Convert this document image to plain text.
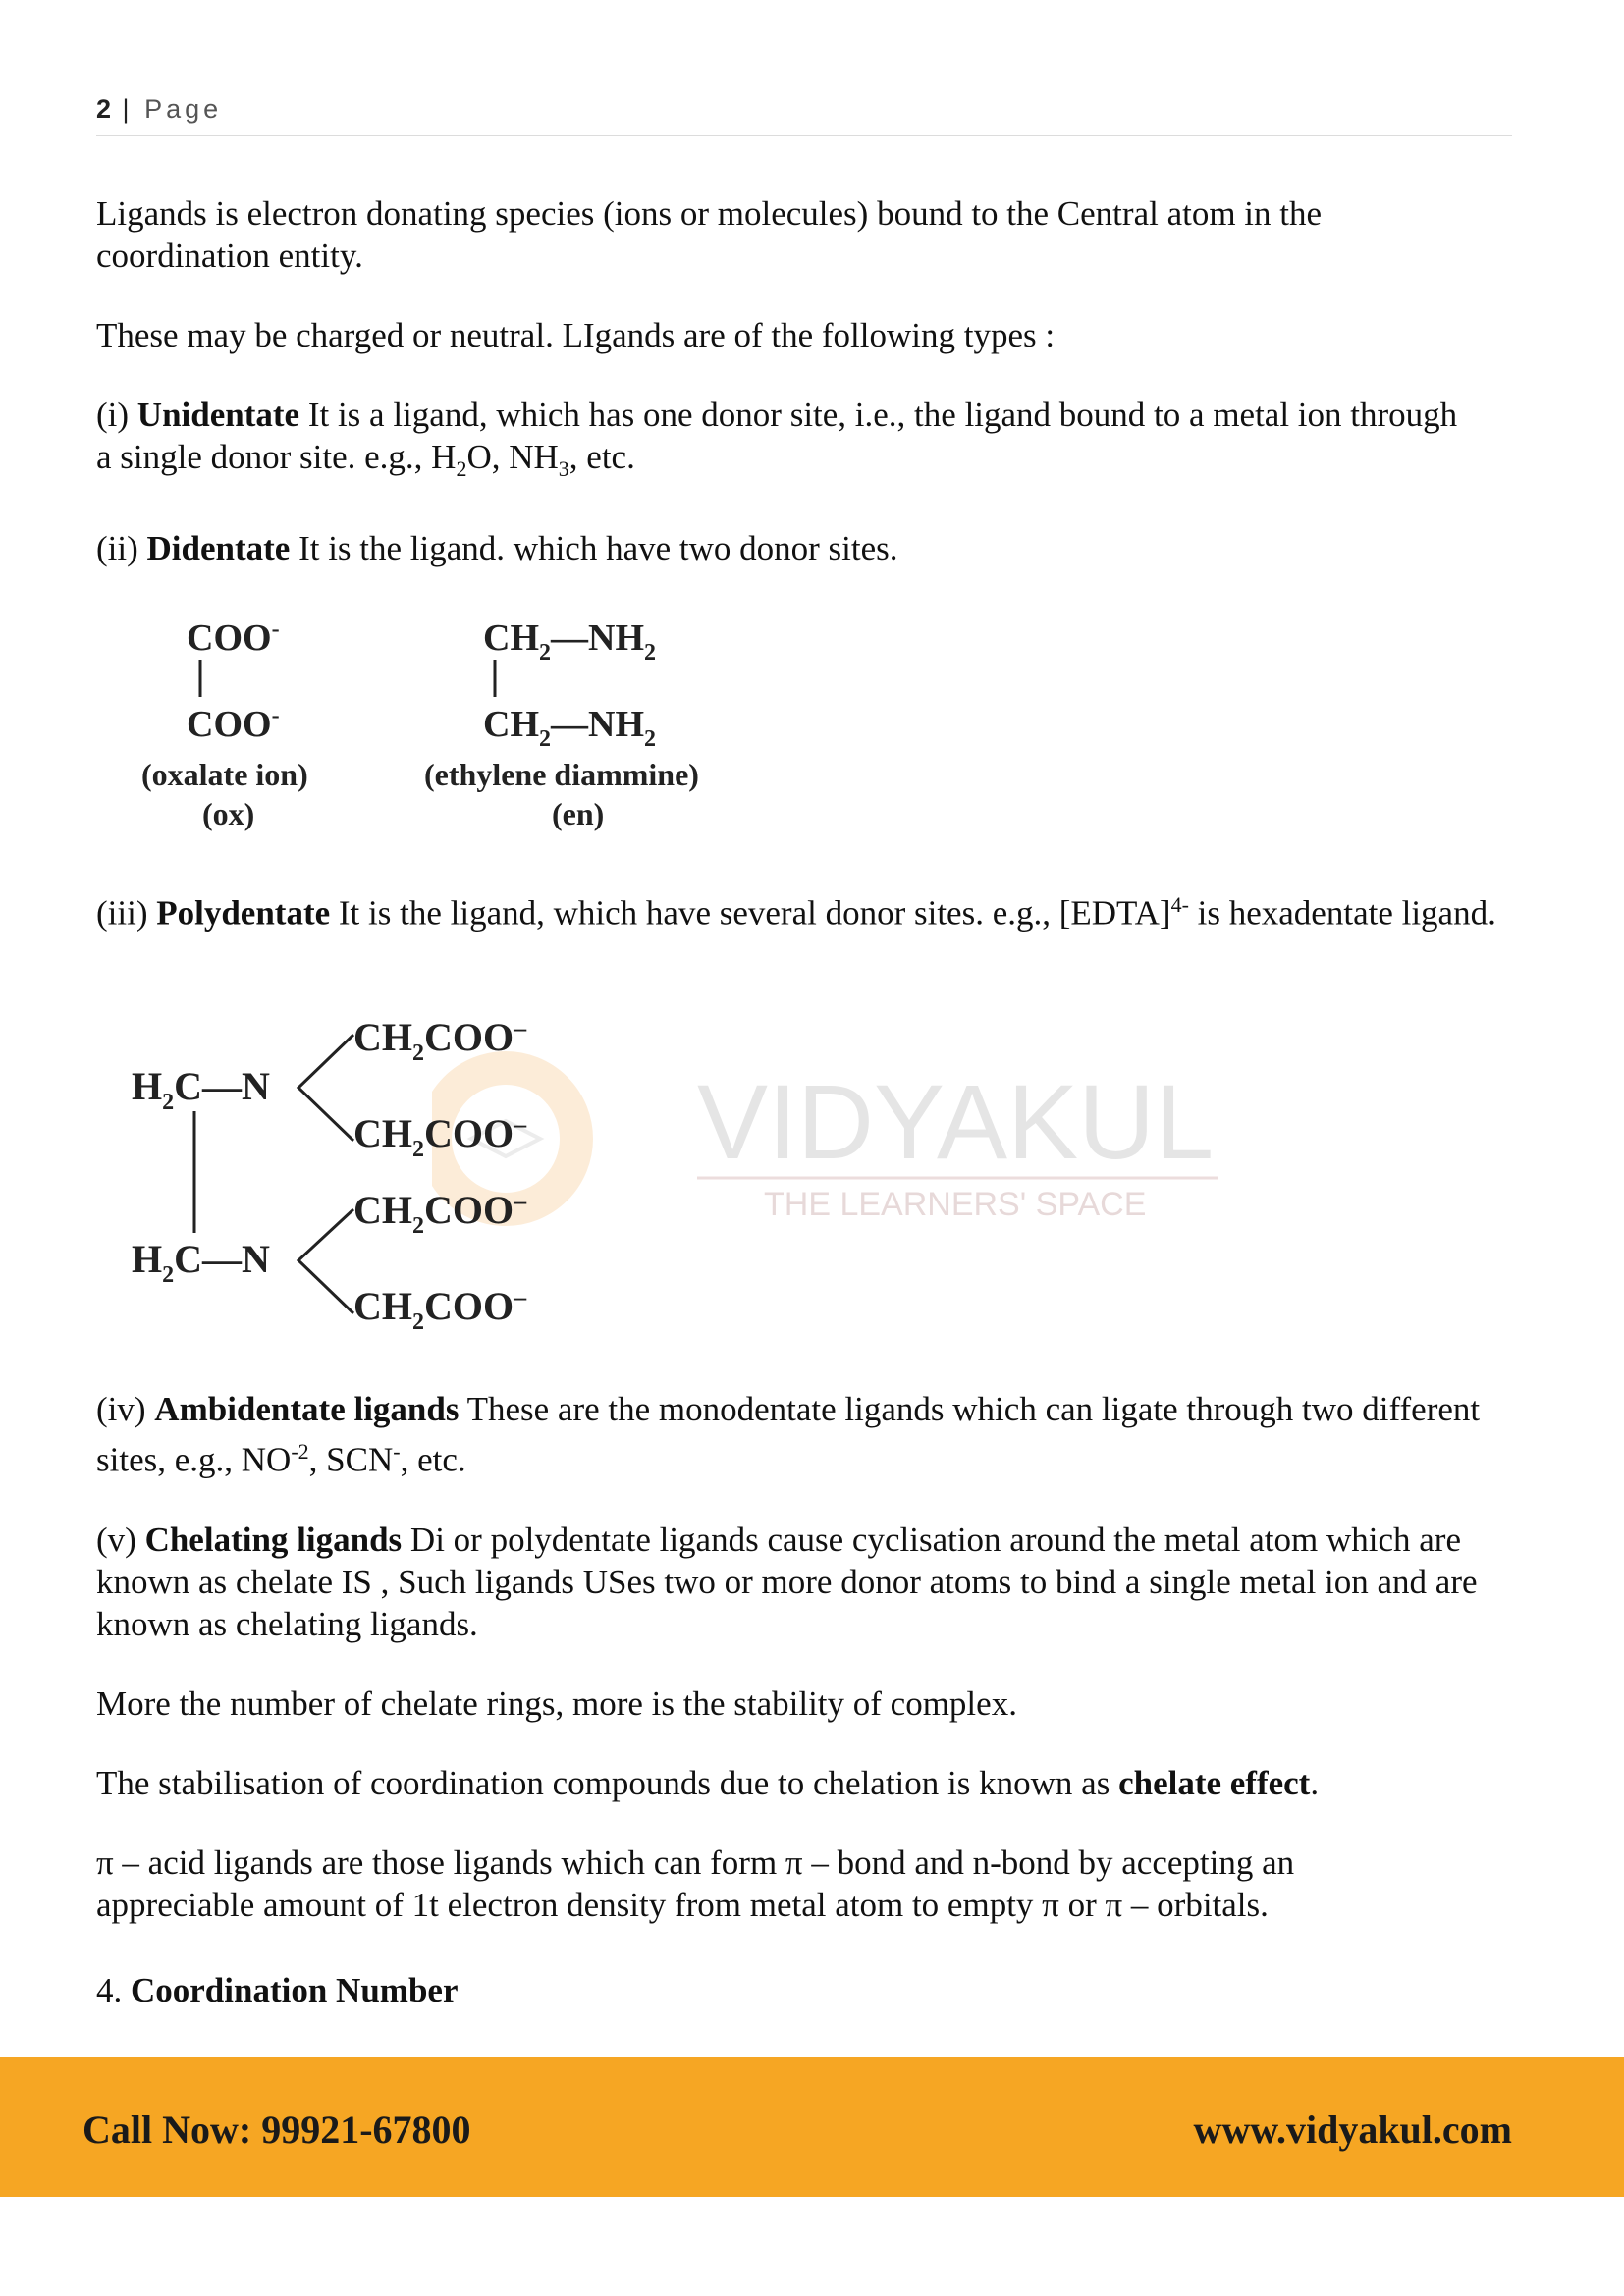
2 | Page
VIDYAKUL
THE LEARNERS' SPACE

Ligands is electron donating species (ions or molecules) bound to the Central atom in the coordination entity.

These may be charged or neutral. LIgands are of the following types :

(i) Unidentate It is a ligand, which has one donor site, i.e., the ligand bound to a metal ion through a single donor site. e.g., $H_2O$, $NH_3$, etc.

(ii) Didentate It is the ligand. which have two donor sites.

COO-
COO-
(oxalate ion)
(ox)
$CH_2—NH_2$
$CH_2—NH_2$
(ethylene diammine)
(en)

(iii) Polydentate It is the ligand, which have several donor sites. e.g., [EDTA]$^{4-}$ is hexadentate ligand.

$CH_2COO^-$
$H_2C—N$
$CH_2COO^-$
$CH_2COO^-$
$H_2C—N$
$CH_2COO^-$

(iv) Ambidentate ligands These are the monodentate ligands which can ligate through two different sites, e.g., $NO^{-2}$, SCN-, etc.

(v) Chelating ligands Di or polydentate ligands cause cyclisation around the metal atom which are known as chelate IS , Such ligands USes two or more donor atoms to bind a single metal ion and are known as chelating ligands.

More the number of chelate rings, more is the stability of complex.

The stabilisation of coordination compounds due to chelation is known as chelate effect.

π – acid ligands are those ligands which can form π – bond and n-bond by accepting an appreciable amount of 1t electron density from metal atom to empty π or π – orbitals.

4. Coordination Number

Call Now: 99921-67800	www.vidyakul.com
